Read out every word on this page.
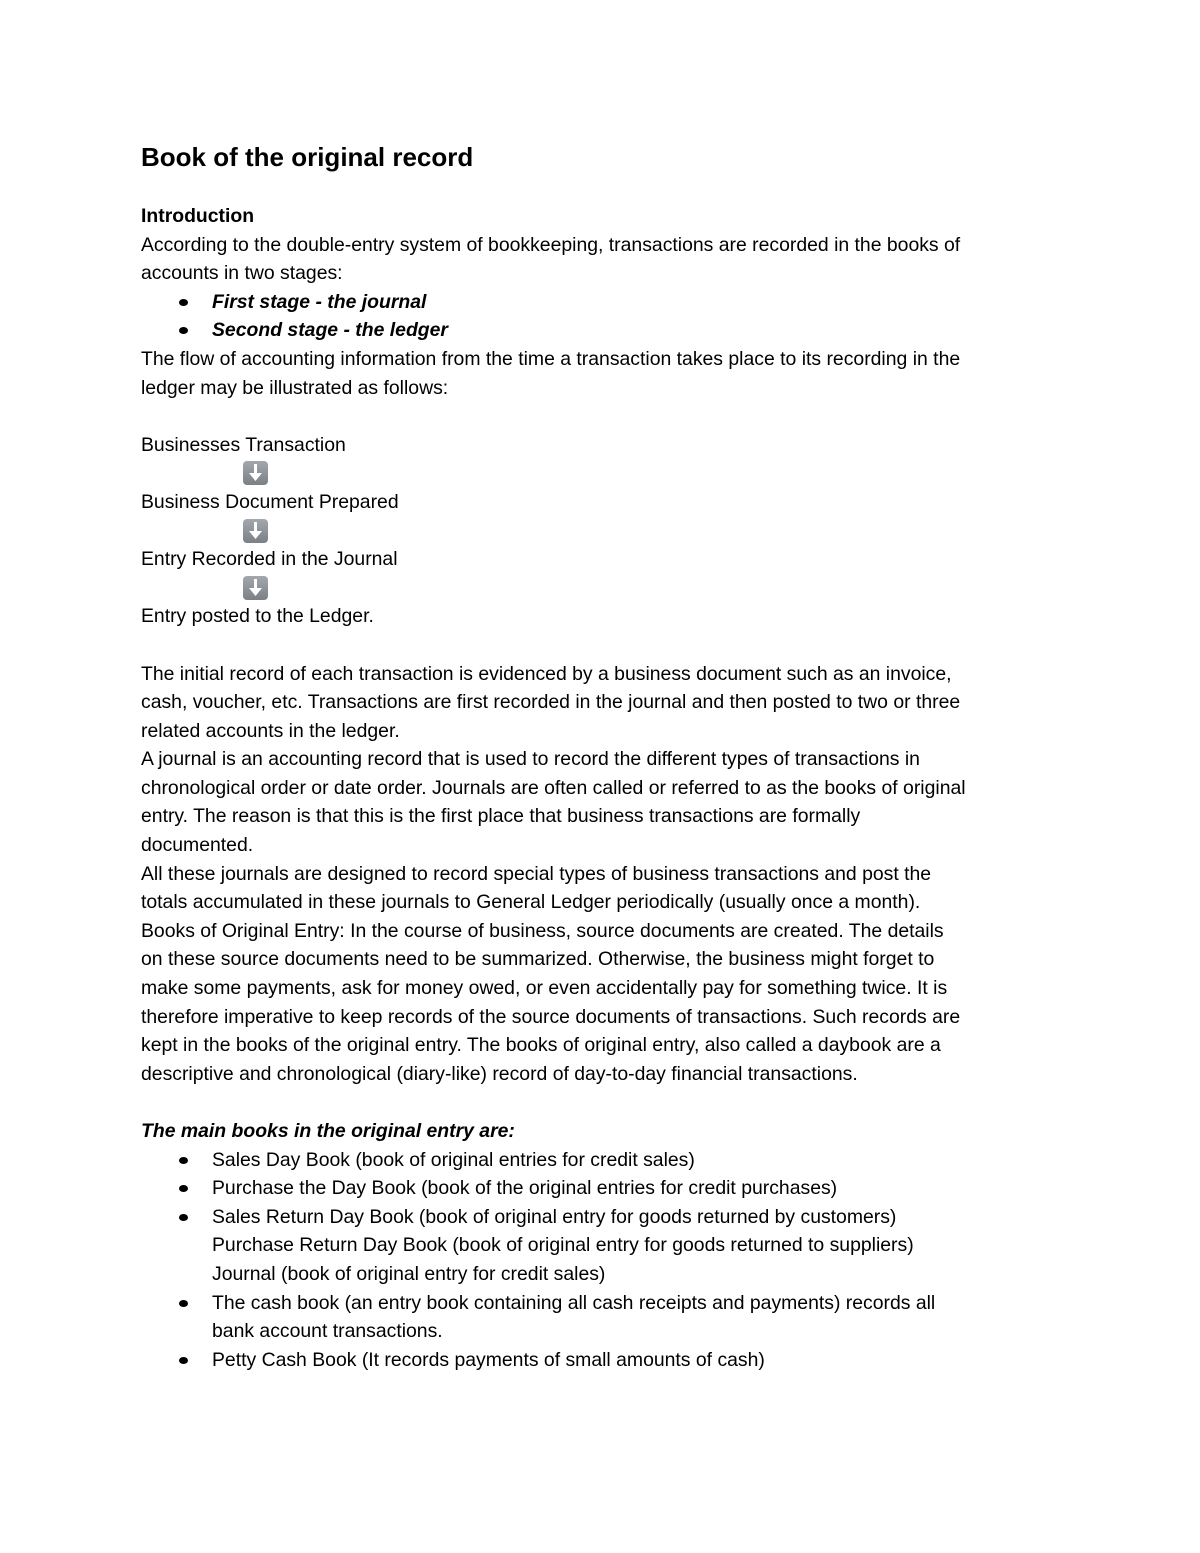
Book of the original record
Introduction
According to the double-entry system of bookkeeping, transactions are recorded in the books of
accounts in two stages:
First stage - the journal
Second stage - the ledger
The flow of accounting information from the time a transaction takes place to its recording in the
ledger may be illustrated as follows:
Businesses Transaction
Business Document Prepared
Entry Recorded in the Journal
Entry posted to the Ledger.
The initial record of each transaction is evidenced by a business document such as an invoice,
cash, voucher, etc. Transactions are first recorded in the journal and then posted to two or three
related accounts in the ledger.
A journal is an accounting record that is used to record the different types of transactions in
chronological order or date order. Journals are often called or referred to as the books of original
entry. The reason is that this is the first place that business transactions are formally
documented.
All these journals are designed to record special types of business transactions and post the
totals accumulated in these journals to General Ledger periodically (usually once a month).
Books of Original Entry: In the course of business, source documents are created. The details
on these source documents need to be summarized. Otherwise, the business might forget to
make some payments, ask for money owed, or even accidentally pay for something twice. It is
therefore imperative to keep records of the source documents of transactions. Such records are
kept in the books of the original entry. The books of original entry, also called a daybook are a
descriptive and chronological (diary-like) record of day-to-day financial transactions.
The main books in the original entry are:
Sales Day Book (book of original entries for credit sales)
Purchase the Day Book (book of the original entries for credit purchases)
Sales Return Day Book (book of original entry for goods returned by customers)
Purchase Return Day Book (book of original entry for goods returned to suppliers)
Journal (book of original entry for credit sales)
The cash book (an entry book containing all cash receipts and payments) records all
bank account transactions.
Petty Cash Book (It records payments of small amounts of cash)
